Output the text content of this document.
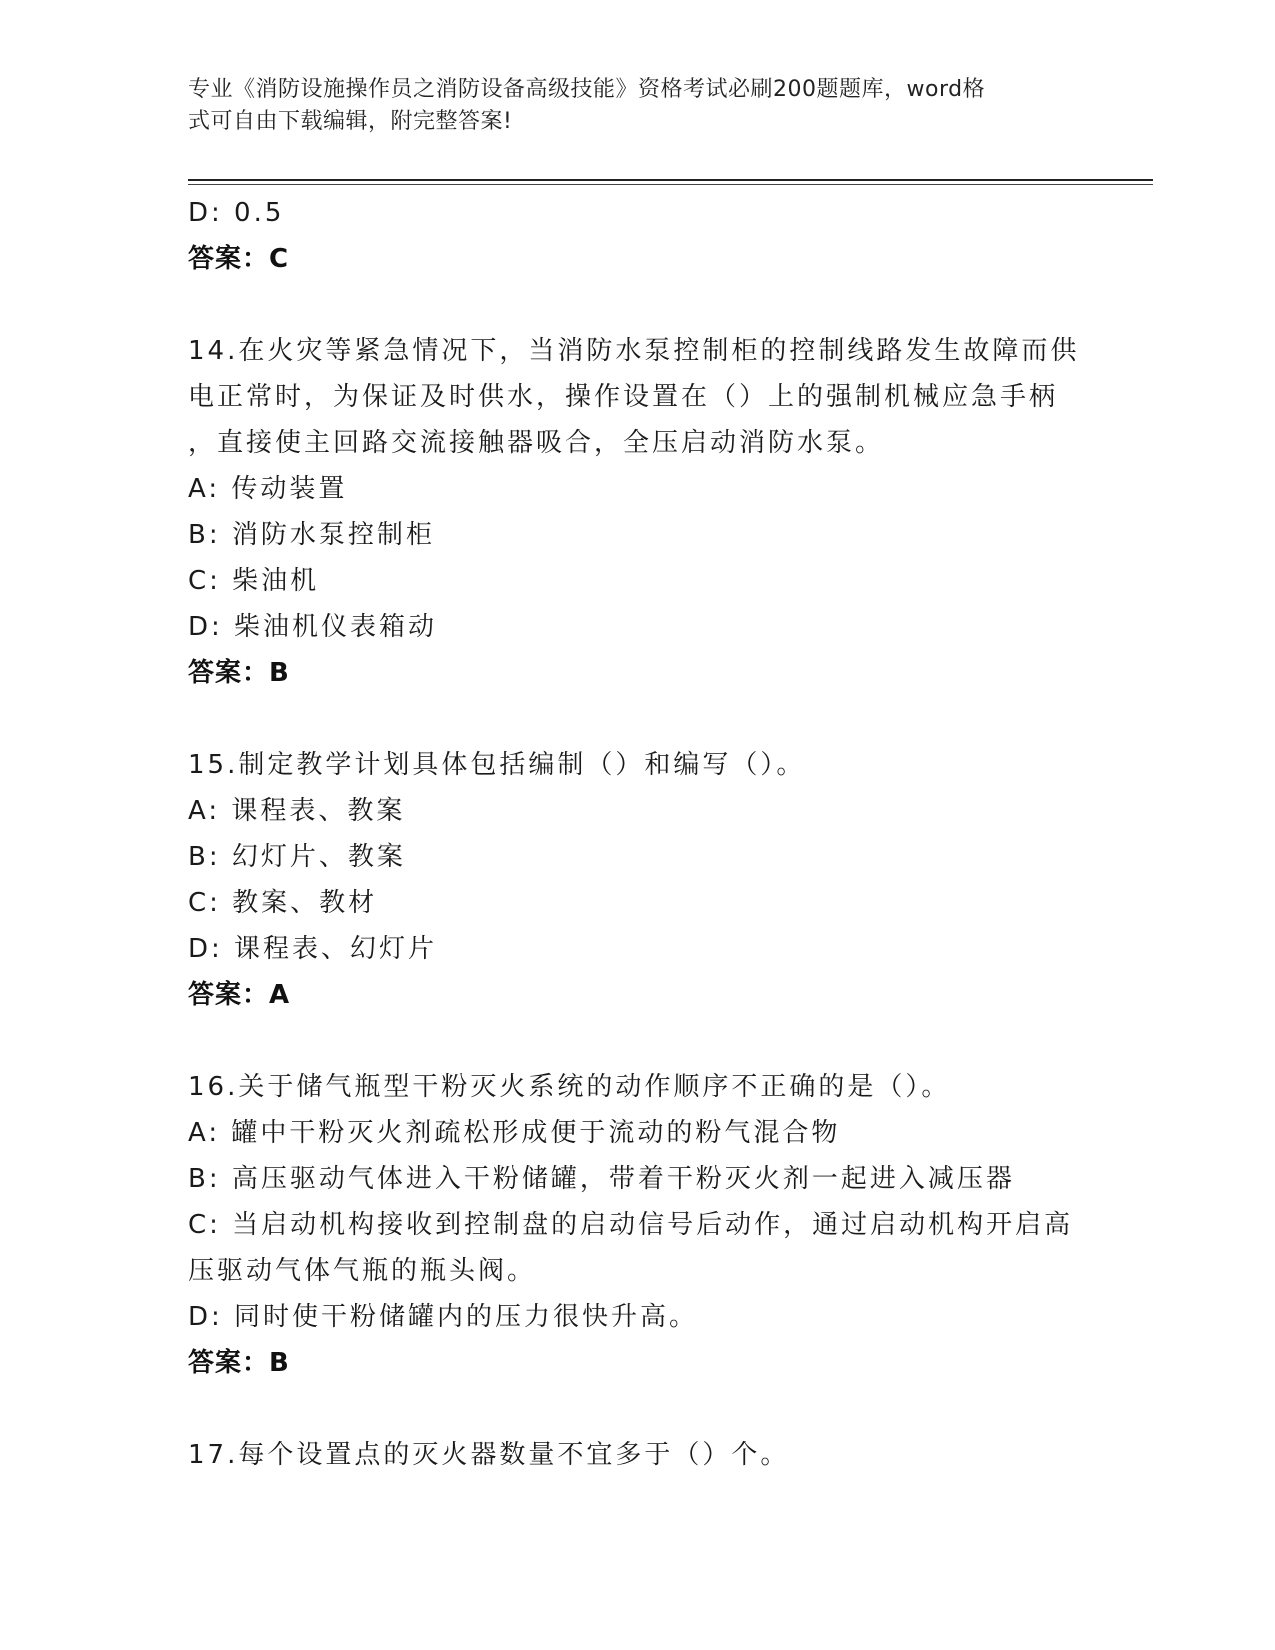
专业《消防设施操作员之消防设备高级技能》资格考试必刷200题题库，word格
式可自由下载编辑，附完整答案!
D: 0.5
答案：C
14.在火灾等紧急情况下，当消防水泵控制柜的控制线路发生故障而供
电正常时，为保证及时供水，操作设置在（）上的强制机械应急手柄
，直接使主回路交流接触器吸合，全压启动消防水泵。
A: 传动装置
B: 消防水泵控制柜
C: 柴油机
D: 柴油机仪表箱动
答案：B
15.制定教学计划具体包括编制（）和编写（）。
A: 课程表、教案
B: 幻灯片、教案
C: 教案、教材
D: 课程表、幻灯片
答案：A
16.关于储气瓶型干粉灭火系统的动作顺序不正确的是（）。
A: 罐中干粉灭火剂疏松形成便于流动的粉气混合物
B: 高压驱动气体进入干粉储罐，带着干粉灭火剂一起进入减压器
C: 当启动机构接收到控制盘的启动信号后动作，通过启动机构开启高
压驱动气体气瓶的瓶头阀。
D: 同时使干粉储罐内的压力很快升高。
答案：B
17.每个设置点的灭火器数量不宜多于（）个。
